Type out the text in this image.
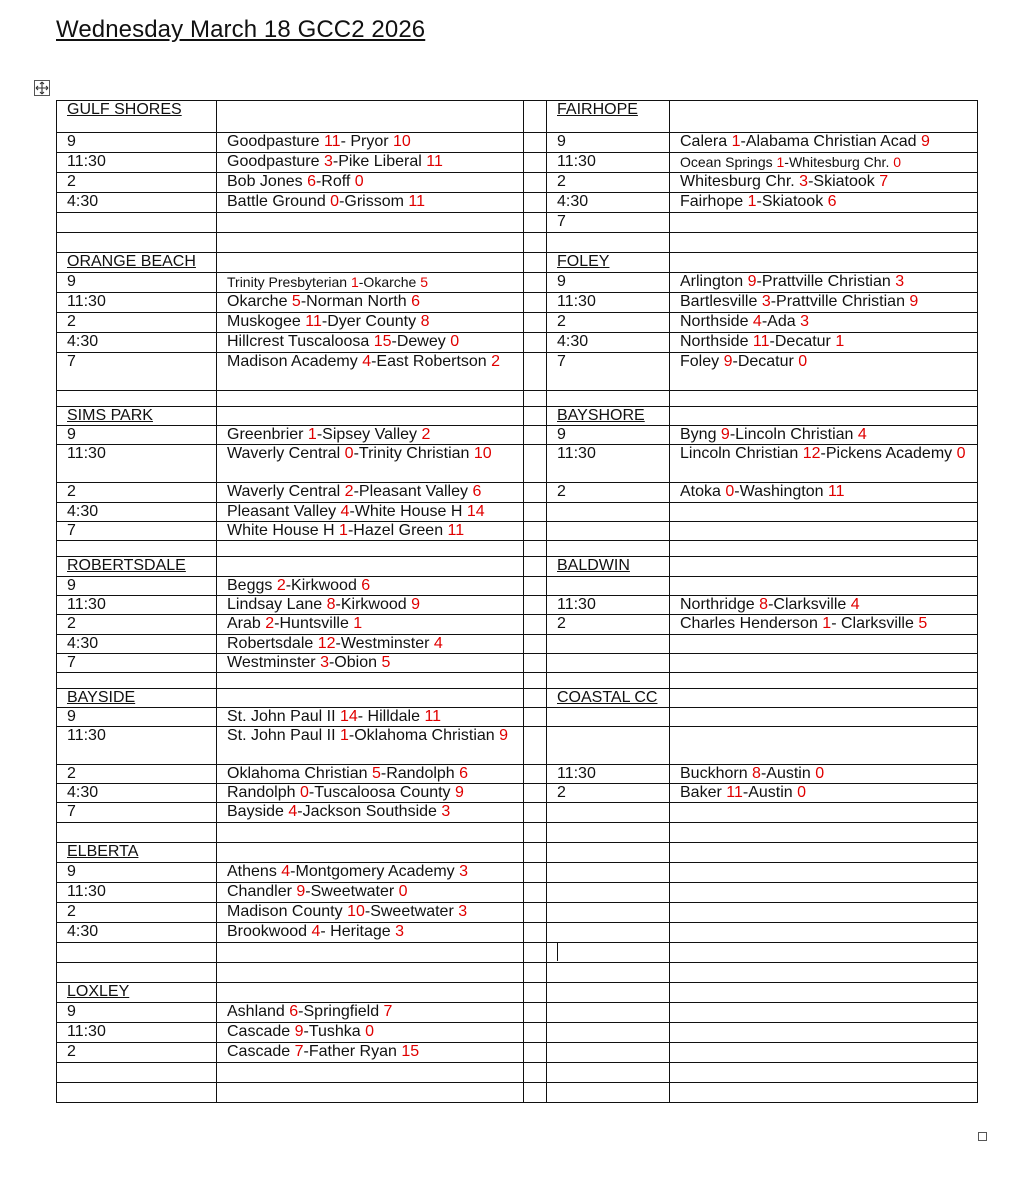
Wednesday March 18 GCC2 2026
GULF SHORES			FAIRHOPE	
9	Goodpasture 11- Pryor 10		9	Calera 1-Alabama Christian Acad 9
11:30	Goodpasture 3-Pike Liberal 11		11:30	Ocean Springs 1-Whitesburg Chr. 0
2	Bob Jones 6-Roff 0		2	Whitesburg Chr. 3-Skiatook 7
4:30	Battle Ground 0-Grissom 11		4:30	Fairhope 1-Skiatook 6
			7	

ORANGE BEACH			FOLEY	
9	Trinity Presbyterian 1-Okarche 5		9	Arlington 9-Prattville Christian 3
11:30	Okarche 5-Norman North 6		11:30	Bartlesville 3-Prattville Christian 9
2	Muskogee 11-Dyer County 8		2	Northside 4-Ada 3
4:30	Hillcrest Tuscaloosa 15-Dewey 0		4:30	Northside 11-Decatur 1
7	Madison Academy 4-East Robertson 2		7	Foley 9-Decatur 0

SIMS PARK			BAYSHORE	
9	Greenbrier 1-Sipsey Valley 2		9	Byng 9-Lincoln Christian 4
11:30	Waverly Central 0-Trinity Christian 10		11:30	Lincoln Christian 12-Pickens Academy 0
2	Waverly Central 2-Pleasant Valley 6		2	Atoka 0-Washington 11
4:30	Pleasant Valley 4-White House H 14			
7	White House H 1-Hazel Green 11			

ROBERTSDALE			BALDWIN	
9	Beggs 2-Kirkwood 6			
11:30	Lindsay Lane 8-Kirkwood 9		11:30	Northridge 8-Clarksville 4
2	Arab 2-Huntsville 1		2	Charles Henderson 1- Clarksville 5
4:30	Robertsdale 12-Westminster 4			
7	Westminster 3-Obion 5			

BAYSIDE			COASTAL CC	
9	St. John Paul II 14- Hilldale 11			
11:30	St. John Paul II 1-Oklahoma Christian 9			
2	Oklahoma Christian 5-Randolph 6		11:30	Buckhorn 8-Austin 0
4:30	Randolph 0-Tuscaloosa County 9		2	Baker 11-Austin 0
7	Bayside 4-Jackson Southside 3			

ELBERTA				
9	Athens 4-Montgomery Academy 3			
11:30	Chandler 9-Sweetwater 0			
2	Madison County 10-Sweetwater 3			
4:30	Brookwood 4- Heritage 3			

LOXLEY				
9	Ashland 6-Springfield 7			
11:30	Cascade 9-Tushka 0			
2	Cascade 7-Father Ryan 15			
